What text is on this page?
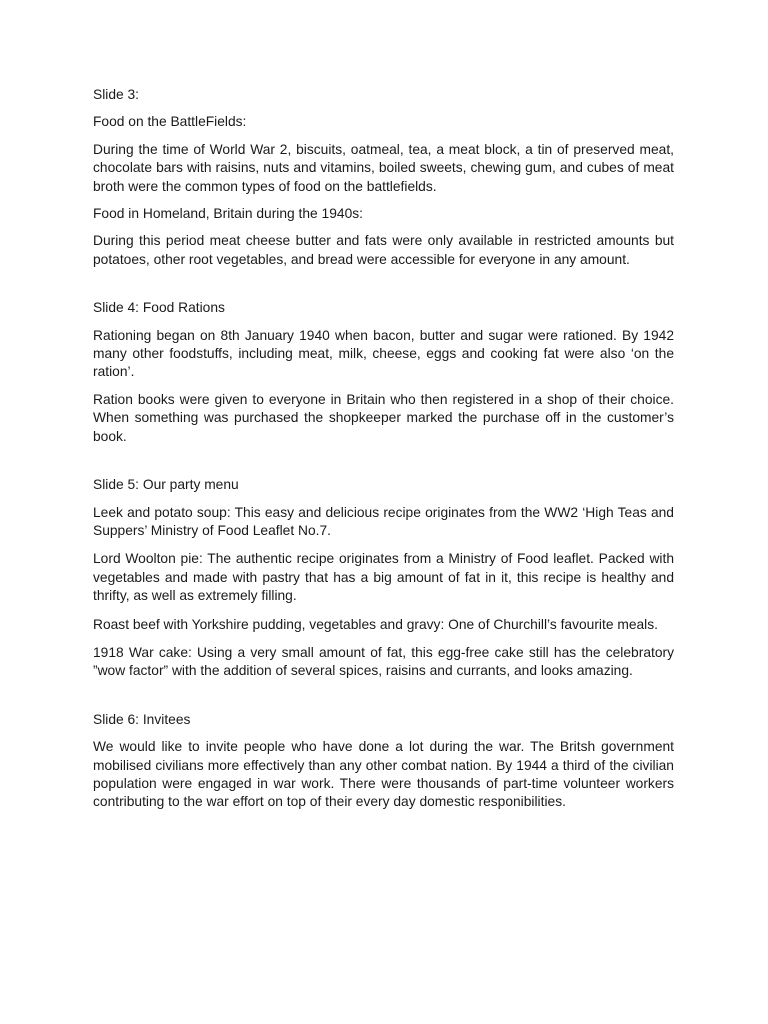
Slide 3:
Food on the BattleFields:

During the time of World War 2, biscuits, oatmeal, tea, a meat block, a tin of preserved meat, chocolate bars with raisins, nuts and vitamins, boiled sweets, chewing gum, and cubes of meat broth were the common types of food on the battlefields.

Food in Homeland, Britain during the 1940s:

During this period meat cheese butter and fats were only available in restricted amounts but potatoes, other root vegetables, and bread were accessible for everyone in any amount.

Slide 4: Food Rations

Rationing began on 8th January 1940 when bacon, butter and sugar were rationed. By 1942 many other foodstuffs, including meat, milk, cheese, eggs and cooking fat were also ‘on the ration’.

Ration books were given to everyone in Britain who then registered in a shop of their choice. When something was purchased the shopkeeper marked the purchase off in the customer’s book.

Slide 5: Our party menu

Leek and potato soup: This easy and delicious recipe originates from the WW2 ‘High Teas and Suppers’ Ministry of Food Leaflet No.7.

Lord Woolton pie: The authentic recipe originates from a Ministry of Food leaflet. Packed with vegetables and made with pastry that has a big amount of fat in it, this recipe is healthy and thrifty, as well as extremely filling.

Roast beef with Yorkshire pudding, vegetables and gravy: One of Churchill’s favourite meals.

1918 War cake: Using a very small amount of fat, this egg-free cake still has the celebratory ”wow factor” with the addition of several spices, raisins and currants, and looks amazing.

Slide 6: Invitees

We would like to invite people who have done a lot during the war. The Britsh government mobilised civilians more effectively than any other combat nation. By 1944 a third of the civilian population were engaged in war work. There were thousands of part-time volunteer workers contributing to the war effort on top of their every day domestic responibilities.
